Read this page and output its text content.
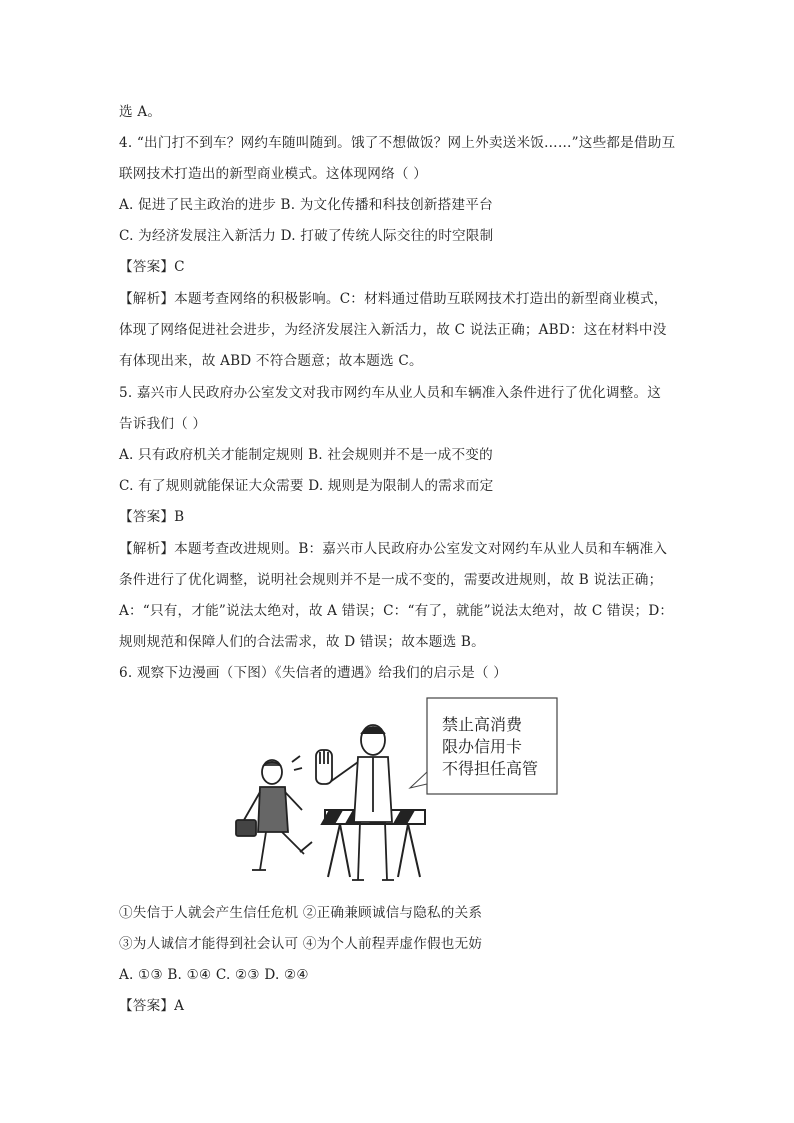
选 A。
4. “出门打不到车？网约车随叫随到。饿了不想做饭？网上外卖送米饭……”这些都是借助互
联网技术打造出的新型商业模式。这体现网络（ ）
A. 促进了民主政治的进步 B. 为文化传播和科技创新搭建平台
C. 为经济发展注入新活力 D. 打破了传统人际交往的时空限制
【答案】C
【解析】本题考查网络的积极影响。C：材料通过借助互联网技术打造出的新型商业模式，
体现了网络促进社会进步，为经济发展注入新活力，故 C 说法正确；ABD：这在材料中没
有体现出来，故 ABD 不符合题意；故本题选 C。
5. 嘉兴市人民政府办公室发文对我市网约车从业人员和车辆准入条件进行了优化调整。这
告诉我们（ ）
A. 只有政府机关才能制定规则 B. 社会规则并不是一成不变的
C. 有了规则就能保证大众需要 D. 规则是为限制人的需求而定
【答案】B
【解析】本题考查改进规则。B：嘉兴市人民政府办公室发文对网约车从业人员和车辆准入
条件进行了优化调整，说明社会规则并不是一成不变的，需要改进规则，故 B 说法正确；
A：“只有，才能”说法太绝对，故 A 错误；C：“有了，就能”说法太绝对，故 C 错误；D：
规则规范和保障人们的合法需求，故 D 错误；故本题选 B。
6. 观察下边漫画（下图）《失信者的遭遇》给我们的启示是（ ）
①失信于人就会产生信任危机 ②正确兼顾诚信与隐私的关系
③为人诚信才能得到社会认可 ④为个人前程弄虚作假也无妨
A. ①③ B. ①④ C. ②③ D. ②④
【答案】A
禁止高消费
限办信用卡
不得担任高管
